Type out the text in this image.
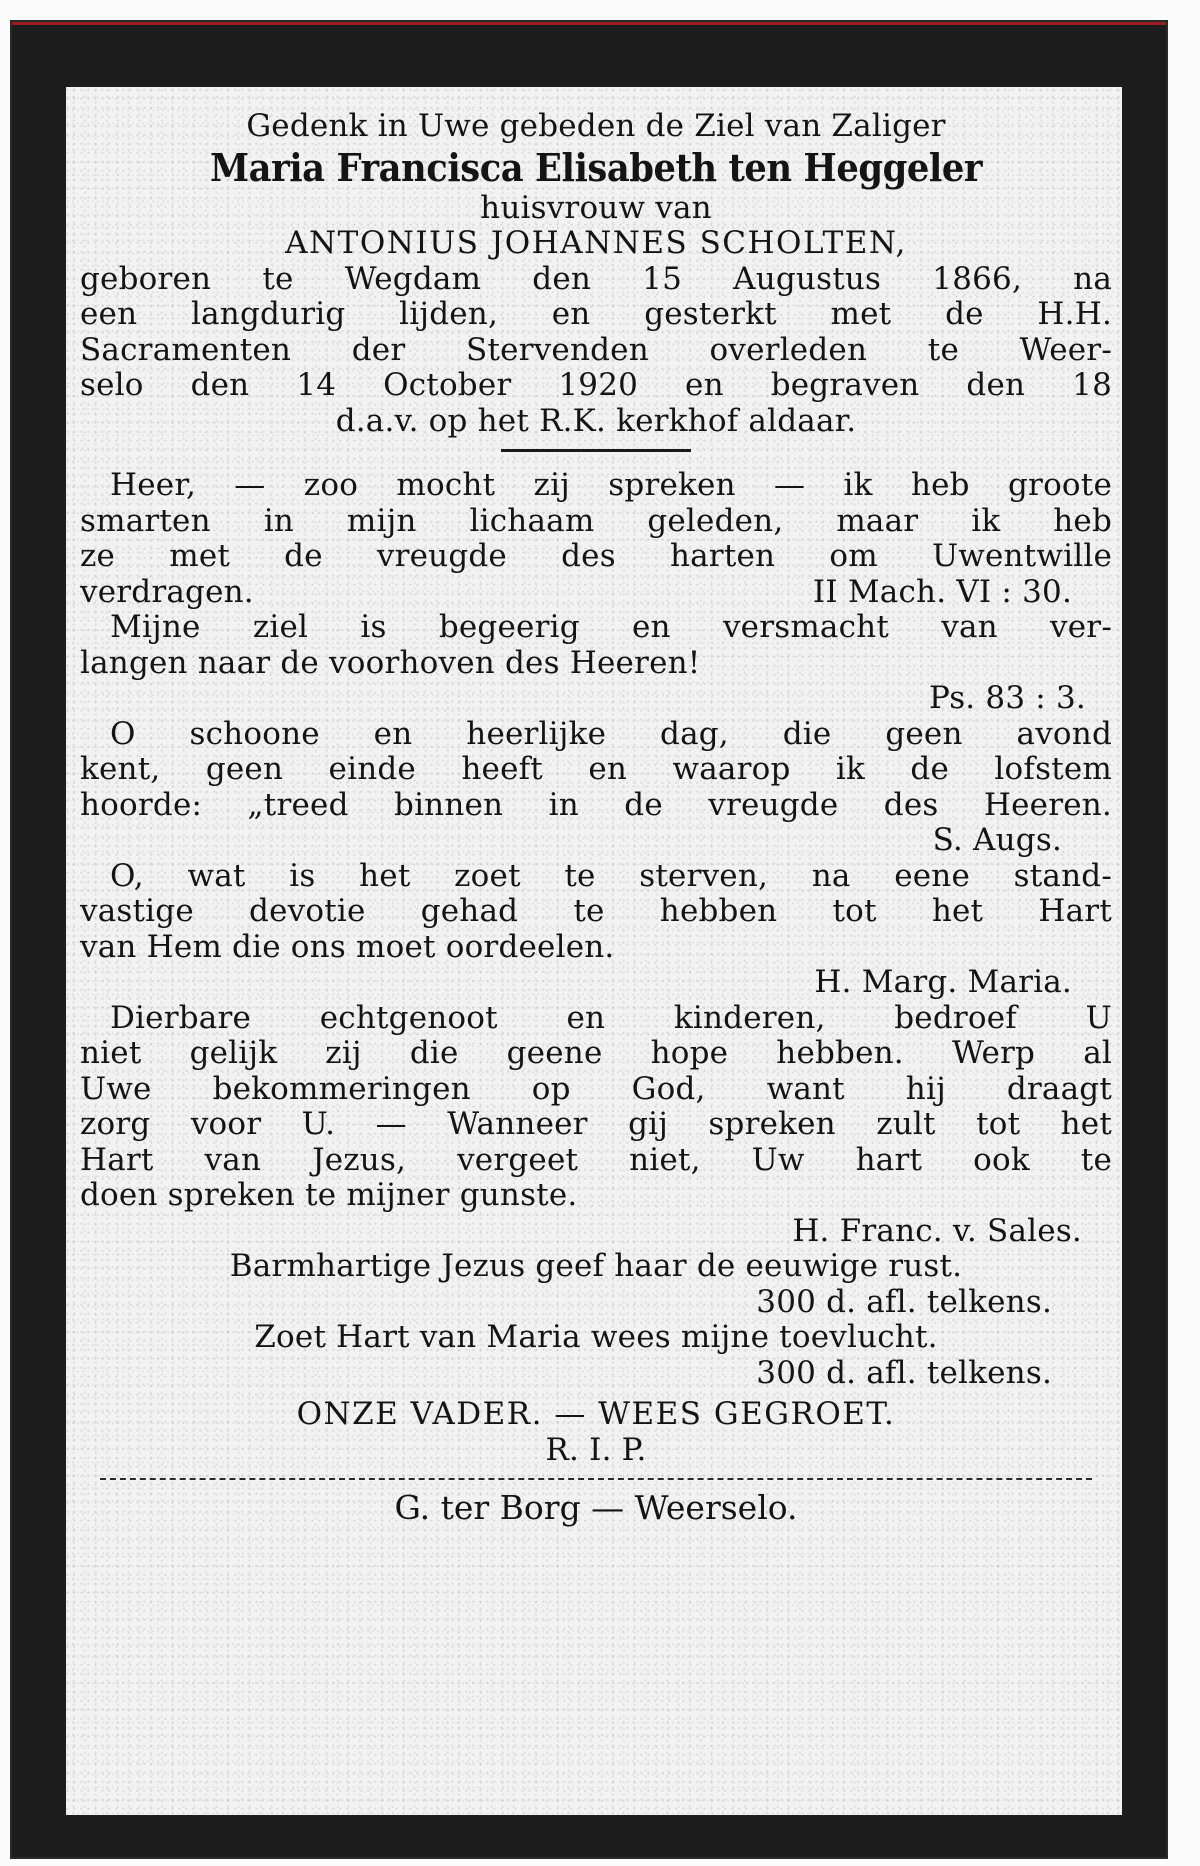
Gedenk in Uwe gebeden de Ziel van Zaliger
Maria Francisca Elisabeth ten Heggeler
huisvrouw van
ANTONIUS JOHANNES SCHOLTEN,
geboren te Wegdam den 15 Augustus 1866, na
een langdurig lijden, en gesterkt met de H.H.
Sacramenten der Stervenden overleden te Weer-
selo den 14 October 1920 en begraven den 18
d.a.v. op het R.K. kerkhof aldaar.
Heer, — zoo mocht zij spreken — ik heb groote
smarten in mijn lichaam geleden, maar ik heb
ze met de vreugde des harten om Uwentwille
verdragen.	II Mach. VI : 30.
Mijne ziel is begeerig en versmacht van ver-
langen naar de voorhoven des Heeren!
Ps. 83 : 3.
O schoone en heerlijke dag, die geen avond
kent, geen einde heeft en waarop ik de lofstem
hoorde: „treed binnen in de vreugde des Heeren.
S. Augs.
O, wat is het zoet te sterven, na eene stand-
vastige devotie gehad te hebben tot het Hart
van Hem die ons moet oordeelen.
H. Marg. Maria.
Dierbare echtgenoot en kinderen, bedroef U
niet gelijk zij die geene hope hebben. Werp al
Uwe bekommeringen op God, want hij draagt
zorg voor U. — Wanneer gij spreken zult tot het
Hart van Jezus, vergeet niet, Uw hart ook te
doen spreken te mijner gunste.
H. Franc. v. Sales.
Barmhartige Jezus geef haar de eeuwige rust.
300 d. afl. telkens.
Zoet Hart van Maria wees mijne toevlucht.
300 d. afl. telkens.
ONZE VADER. — WEES GEGROET.
R. I. P.
G. ter Borg — Weerselo.
